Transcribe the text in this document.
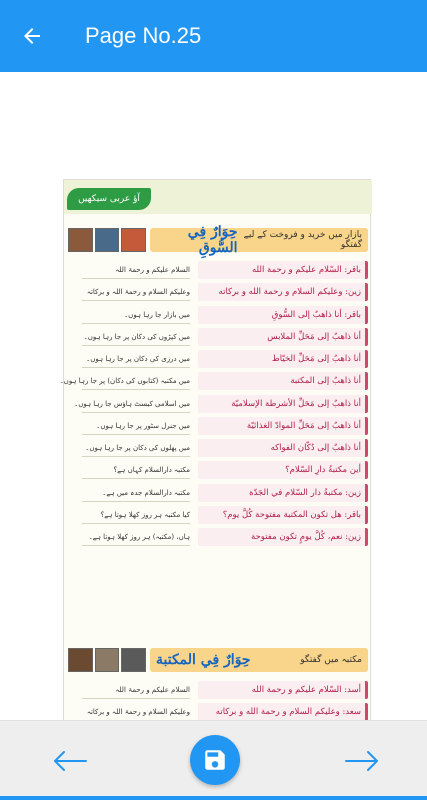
Page No.25
آؤ عربی سیکھیں
بازار میں خرید و فروخت کے لیے گفتگو
حِوَارٌ فِي السُّوقِ
باقر: السّلام عليكم و رحمة الله
السلام علیکم و رحمۃ اللہ
زين: وعليكم السلام و رحمة الله و بركاته
وعلیکم السلام و رحمۃ اللہ و برکاتہ
باقر: أنا ذاهبٌ إلى السُّوقِ
میں بازار جا رہا ہوں۔
أنا ذاهبٌ إلى مَحَلِّ الملابس
میں کپڑوں کی دکان پر جا رہا ہوں۔
أنا ذاهبٌ إلى مَحَلِّ الخيّاط
میں درزی کی دکان پر جا رہا ہوں۔
أنا ذاهبٌ إلى المكتبة
میں مکتبہ (کتابوں کی دکان) پر جا رہا ہوں۔
أنا ذاهبٌ إلى مَحَلِّ الأشرطة الإسلاميّة
میں اسلامی کیسٹ ہاؤس جا رہا ہوں۔
أنا ذاهبٌ إلى مَحَلِّ الموادّ الغذائيّة
میں جنرل سٹور پر جا رہا ہوں۔
أنا ذاهبٌ إلى دُكّان الفواكه
میں پھلوں کی دکان پر جا رہا ہوں۔
أين مكتبةُ دارِ السّلام؟
مکتبہ دارالسلام کہاں ہے؟
زين: مكتبةُ دار السّلام في الجَدّة
مکتبہ دارالسلام جدہ میں ہے۔
باقر: هل تكون المكتبة مفتوحة كُلَّ يوم؟
کیا مکتبہ ہر روز کھلا ہوتا ہے؟
زين: نعم، كُلَّ يومٍ تكون مفتوحة
ہاں، (مکتبہ) ہر روز کھلا ہوتا ہے۔
مکتبہ میں گفتگو
حِوَارٌ فِي المكتبة
أسد: السّلام عليكم و رحمة الله
السلام علیکم و رحمۃ اللہ
سعد: وعليكم السلام و رحمة الله و بركاته
وعلیکم السلام و رحمۃ اللہ و برکاتہ
